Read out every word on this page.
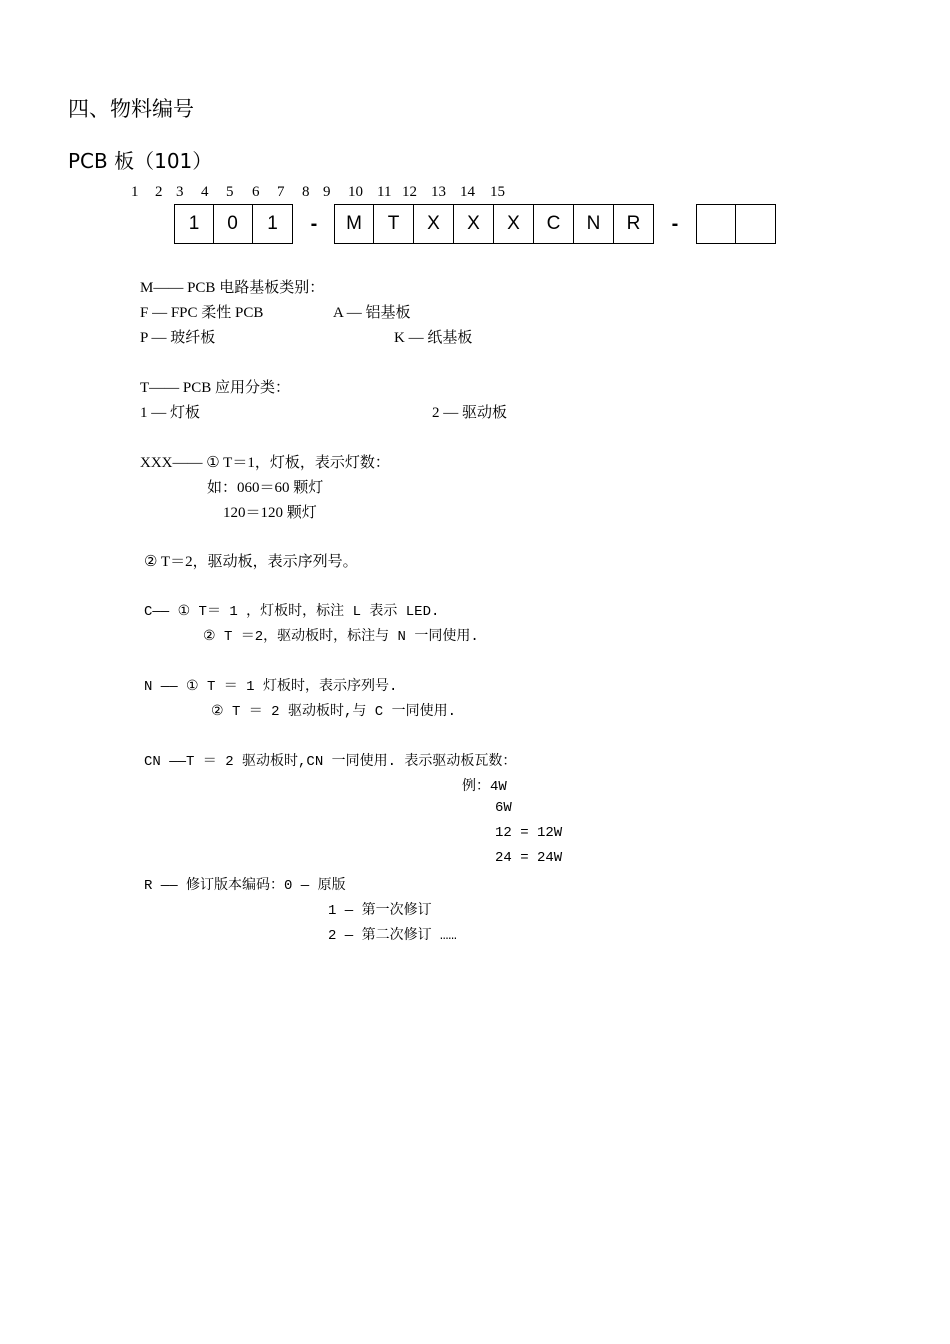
四、物料编号
PCB 板（101）
1 2 3 4 5 6 7 8 9 10 11 12 13 14 15
1	0	1	-	M	T	X	X	X	C	N	R	-
M—— PCB 电路基板类别：
F — FPC 柔性 PCB	A — 铝基板
P — 玻纤板	K — 纸基板
T—— PCB 应用分类：
1 — 灯板	2 — 驱动板
XXX—— ① T＝1，灯板，表示灯数：
如：060＝60 颗灯
120＝120 颗灯
② T＝2，驱动板，表示序列号。
C—— ① T＝ 1 ，灯板时，标注 L 表示 LED.
② T ＝2，驱动板时，标注与 N 一同使用.
N —— ① T ＝ 1 灯板时，表示序列号.
② T ＝ 2 驱动板时,与 C 一同使用.
CN ——T ＝ 2 驱动板时,CN 一同使用. 表示驱动板瓦数：
例：4W
6W
12 = 12W
24 = 24W
R —— 修订版本编码：0 — 原版
1 — 第一次修订
2 — 第二次修订 ……
